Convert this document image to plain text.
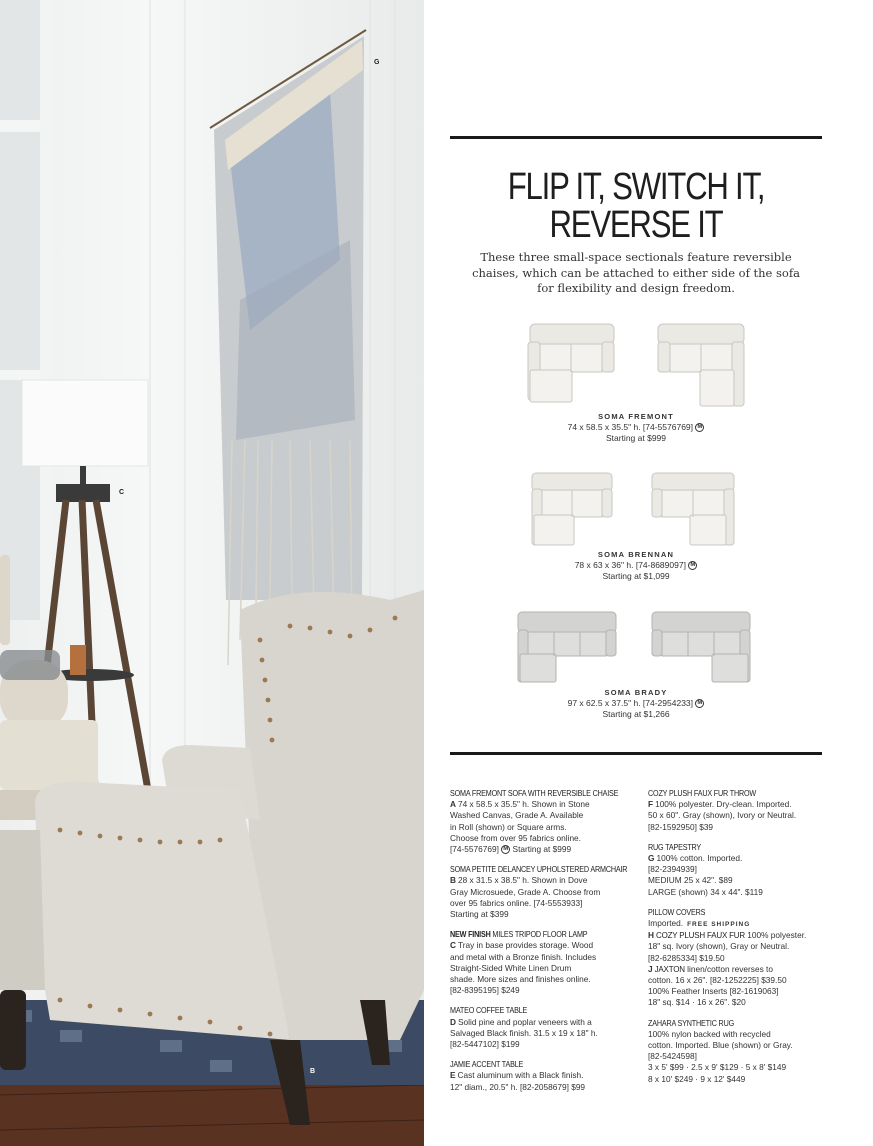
G
C
B
FLIP IT, SWITCH IT,
REVERSE IT
These three small-space sectionals feature reversible chaises, which can be attached to either side of the sofa for flexibility and design freedom.
SOMA FREMONT
74 x 58.5 x 35.5" h. [74-5576769] M
Starting at $999
SOMA BRENNAN
78 x 63 x 36" h. [74-8689097] M
Starting at $1,099
SOMA BRADY
97 x 62.5 x 37.5" h. [74-2954233] M
Starting at $1,266
SOMA FREMONT SOFA WITH REVERSIBLE CHAISE
A 74 x 58.5 x 35.5" h. Shown in Stone
Washed Canvas, Grade A. Available
in Roll (shown) or Square arms.
Choose from over 95 fabrics online.
[74-5576769] M Starting at $999
SOMA PETITE DELANCEY UPHOLSTERED ARMCHAIR
B 28 x 31.5 x 38.5" h. Shown in Dove
Gray Microsuede, Grade A. Choose from
over 95 fabrics online. [74-5553933]
Starting at $399
NEW FINISH MILES TRIPOD FLOOR LAMP
C Tray in base provides storage. Wood
and metal with a Bronze finish. Includes
Straight-Sided White Linen Drum
shade. More sizes and finishes online.
[82-8395195] $249
MATEO COFFEE TABLE
D Solid pine and poplar veneers with a
Salvaged Black finish. 31.5 x 19 x 18" h.
[82-5447102] $199
JAMIE ACCENT TABLE
E Cast aluminum with a Black finish.
12" diam., 20.5" h. [82-2058679] $99
COZY PLUSH FAUX FUR THROW
F 100% polyester. Dry-clean. Imported.
50 x 60". Gray (shown), Ivory or Neutral.
[82-1592950] $39
RUG TAPESTRY
G 100% cotton. Imported.
[82-2394939]
MEDIUM 25 x 42". $89
LARGE (shown) 34 x 44". $119
PILLOW COVERS
Imported. FREE SHIPPING
H COZY PLUSH FAUX FUR 100% polyester.
18" sq. Ivory (shown), Gray or Neutral.
[82-6285334] $19.50
J JAXTON linen/cotton reverses to
cotton. 16 x 26". [82-1252225] $39.50
100% Feather Inserts [82-1619063]
18" sq. $14 · 16 x 26". $20
ZAHARA SYNTHETIC RUG
100% nylon backed with recycled
cotton. Imported. Blue (shown) or Gray.
[82-5424598]
3 x 5' $99 · 2.5 x 9' $129 · 5 x 8' $149
8 x 10' $249 · 9 x 12' $449
